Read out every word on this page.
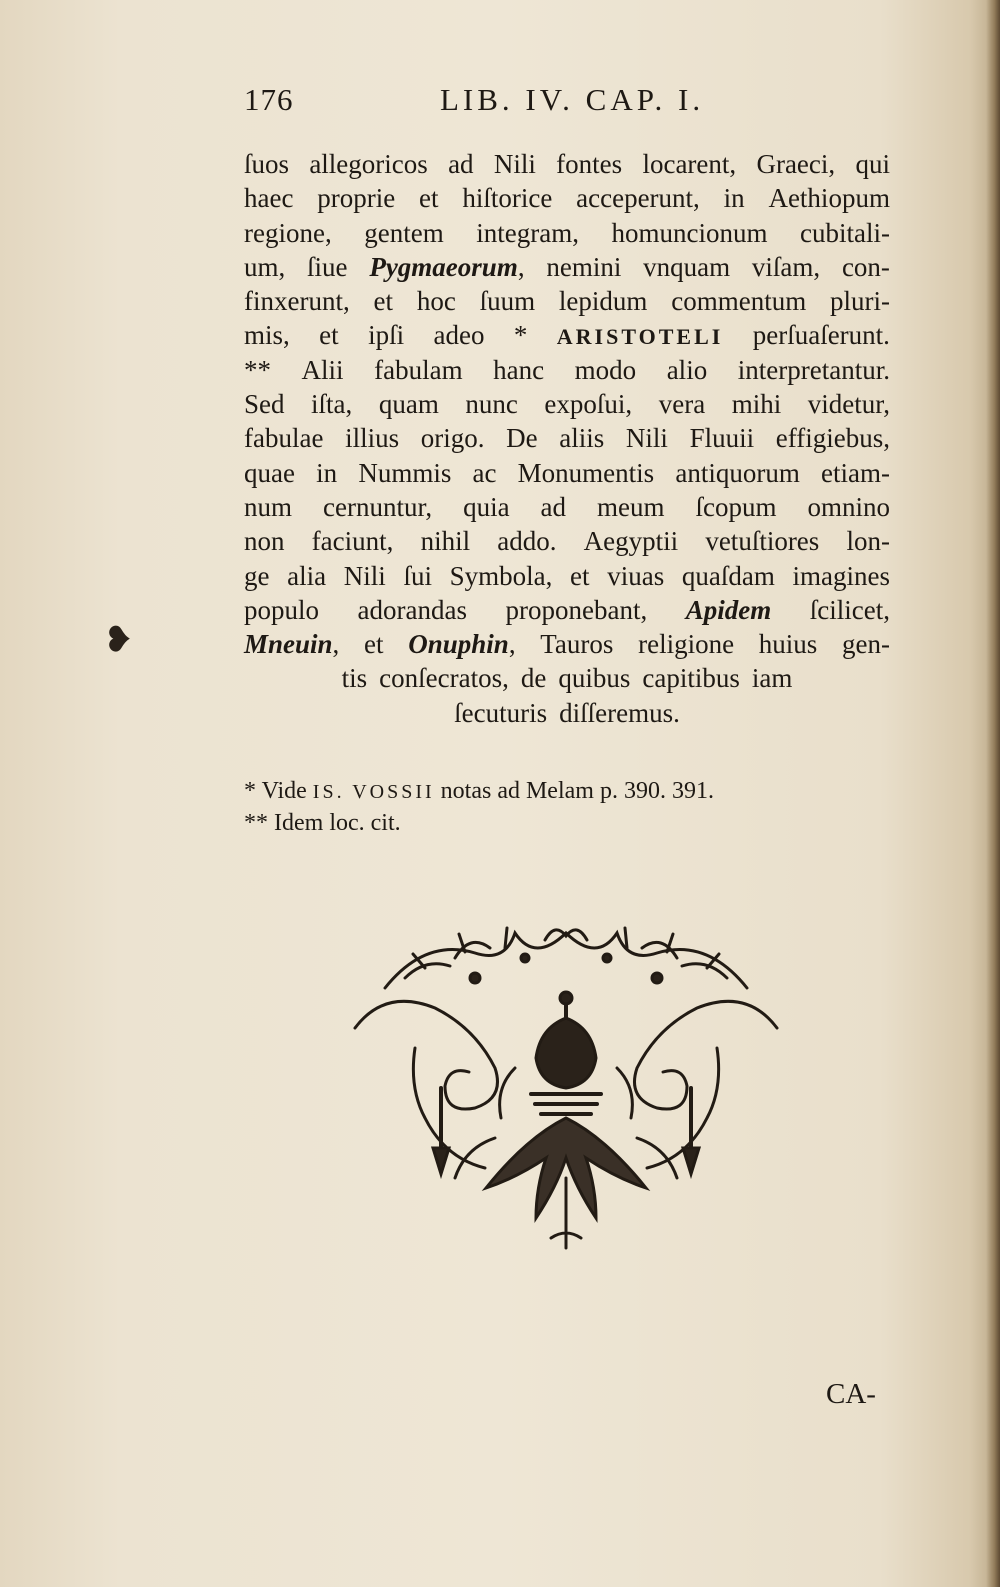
176	LIB. IV. CAP. I.
ſuos allegoricos ad Nili fontes locarent, Graeci, qui
haec proprie et hiſtorice acceperunt, in Aethiopum
regione, gentem integram, homuncionum cubitali-
um, ſiue Pygmaeorum, nemini vnquam viſam, con-
finxerunt, et hoc ſuum lepidum commentum pluri-
mis, et ipſi adeo * ARISTOTELI perſuaſerunt.
** Alii fabulam hanc modo alio interpretantur.
Sed iſta, quam nunc expoſui, vera mihi videtur,
fabulae illius origo. De aliis Nili Fluuii effigiebus,
quae in Nummis ac Monumentis antiquorum etiam-
num cernuntur, quia ad meum ſcopum omnino
non faciunt, nihil addo. Aegyptii vetuſtiores lon-
ge alia Nili ſui Symbola, et viuas quaſdam imagines
populo adorandas proponebant, Apidem ſcilicet,
Mneuin, et Onuphin, Tauros religione huius gen-
tis conſecratos, de quibus capitibus iam
ſecuturis diſſeremus.
* Vide IS. VOSSII notas ad Melam p. 390. 391.
** Idem loc. cit.
CA-
❥
